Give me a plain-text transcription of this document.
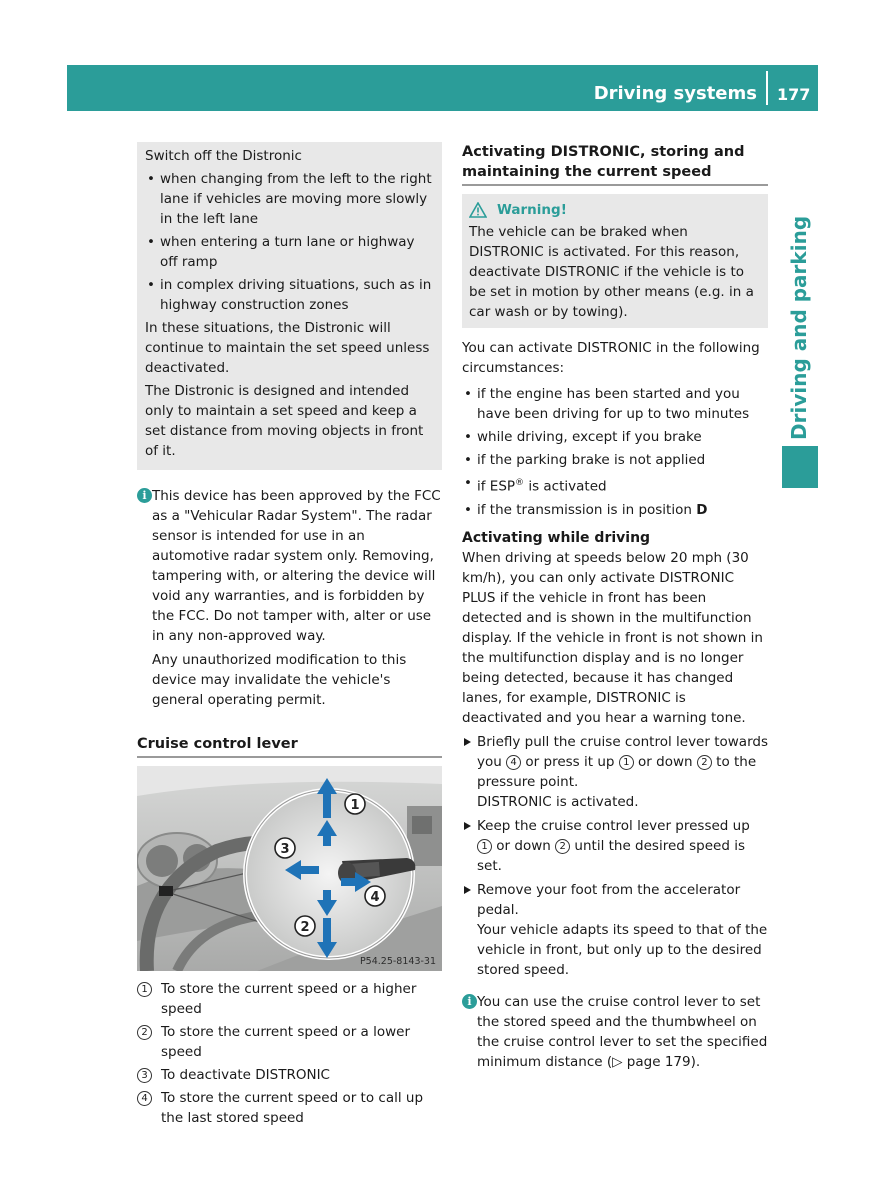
Driving systems 177
Driving and parking

Switch off the Distronic

• when changing from the left to the right lane if vehicles are moving more slowly in the left lane
• when entering a turn lane or highway off ramp
• in complex driving situations, such as in highway construction zones

In these situations, the Distronic will continue to maintain the set speed unless deactivated.

The Distronic is designed and intended only to maintain a set speed and keep a set distance from moving objects in front of it.

i This device has been approved by the FCC as a "Vehicular Radar System". The radar sensor is intended for use in an automotive radar system only. Removing, tampering with, or altering the device will void any warranties, and is forbidden by the FCC. Do not tamper with, alter or use in any non-approved way.

Any unauthorized modification to this device may invalidate the vehicle's general operating permit.

Cruise control lever
1
2
3
4
P54.25-8143-31
1 To store the current speed or a higher speed
2 To store the current speed or a lower speed
3 To deactivate DISTRONIC
4 To store the current speed or to call up the last stored speed
Activating DISTRONIC, storing and maintaining the current speed
Warning!
The vehicle can be braked when DISTRONIC is activated. For this reason, deactivate DISTRONIC if the vehicle is to be set in motion by other means (e.g. in a car wash or by towing).

You can activate DISTRONIC in the following circumstances:

• if the engine has been started and you have been driving for up to two minutes
• while driving, except if you brake
• if the parking brake is not applied
• if ESP® is activated
• if the transmission is in position D
Activating while driving

When driving at speeds below 20 mph (30 km/h), you can only activate DISTRONIC PLUS if the vehicle in front has been detected and is shown in the multifunction display. If the vehicle in front is not shown in the multifunction display and is no longer being detected, because it has changed lanes, for example, DISTRONIC is deactivated and you hear a warning tone.

Briefly pull the cruise control lever towards you 4 or press it up 1 or down 2 to the pressure point.
DISTRONIC is activated.
Keep the cruise control lever pressed up 1 or down 2 until the desired speed is set.
Remove your foot from the accelerator pedal.
Your vehicle adapts its speed to that of the vehicle in front, but only up to the desired stored speed.
i You can use the cruise control lever to set the stored speed and the thumbwheel on the cruise control lever to set the specified minimum distance (▷ page 179).
